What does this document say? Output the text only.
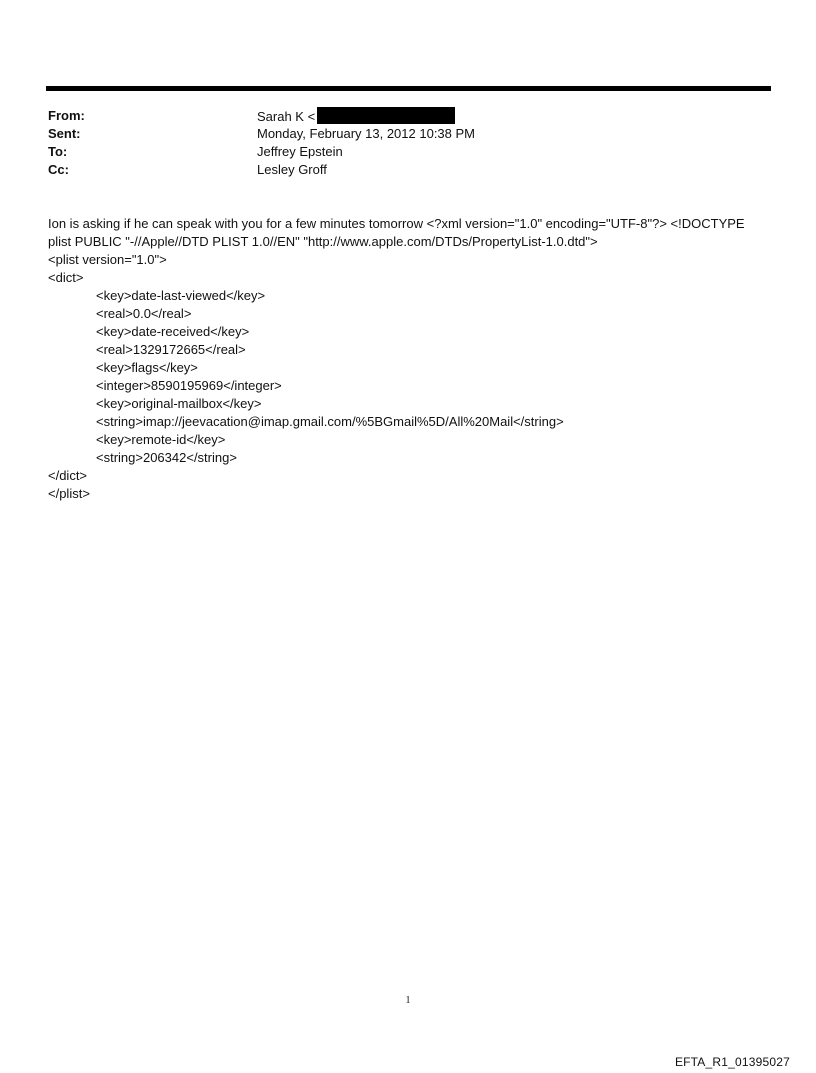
From:	Sarah K <
Sent:	Monday, February 13, 2012 10:38 PM
To:	Jeffrey Epstein
Cc:	Lesley Groff
Ion is asking if he can speak with you for a few minutes tomorrow <?xml version="1.0" encoding="UTF-8"?> <!DOCTYPE
plist PUBLIC "-//Apple//DTD PLIST 1.0//EN" "http://www.apple.com/DTDs/PropertyList-1.0.dtd">
<plist version="1.0">
<dict>
<key>date-last-viewed</key>
<real>0.0</real>
<key>date-received</key>
<real>1329172665</real>
<key>flags</key>
<integer>8590195969</integer>
<key>original-mailbox</key>
<string>imap://jeevacation@imap.gmail.com/%5BGmail%5D/All%20Mail</string>
<key>remote-id</key>
<string>206342</string>
</dict>
</plist>
1
EFTA_R1_01395027
